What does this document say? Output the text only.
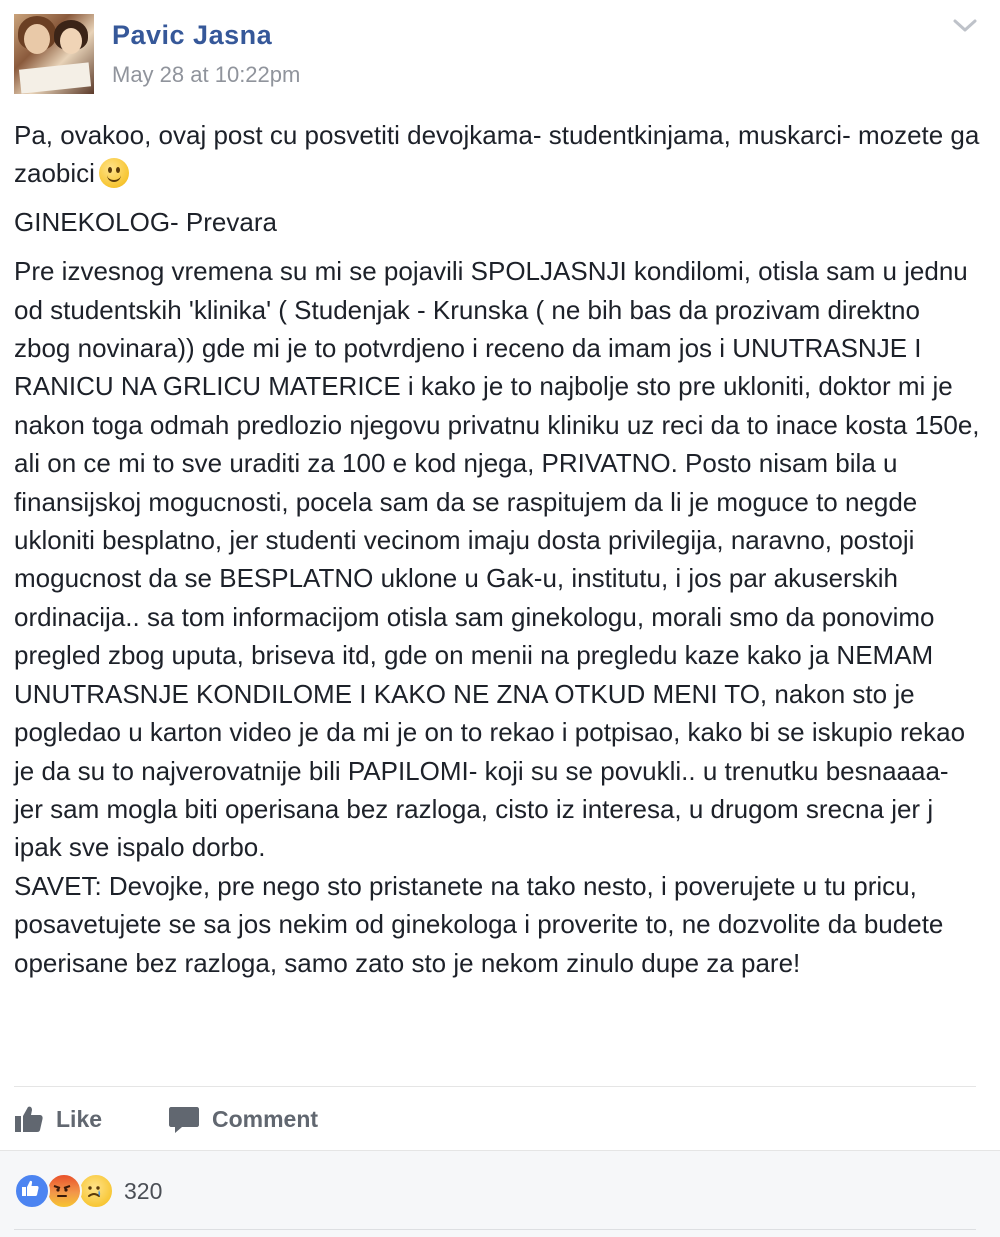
Pavic Jasna
May 28 at 10:22pm

Pa, ovakoo, ovaj post cu posvetiti devojkama- studentkinjama, muskarci- mozete ga zaobici

GINEKOLOG- Prevara

Pre izvesnog vremena su mi se pojavili SPOLJASNJI kondilomi, otisla sam u jednu od studentskih 'klinika' ( Studenjak - Krunska ( ne bih bas da prozivam direktno zbog novinara)) gde mi je to potvrdjeno i receno da imam jos i UNUTRASNJE I RANICU NA GRLICU MATERICE i kako je to najbolje sto pre ukloniti, doktor mi je nakon toga odmah predlozio njegovu privatnu kliniku uz reci da to inace kosta 150e, ali on ce mi to sve uraditi za 100 e kod njega, PRIVATNO. Posto nisam bila u finansijskoj mogucnosti, pocela sam da se raspitujem da li je moguce to negde ukloniti besplatno, jer studenti vecinom imaju dosta privilegija, naravno, postoji mogucnost da se BESPLATNO uklone u Gak-u, institutu, i jos par akuserskih ordinacija.. sa tom informacijom otisla sam ginekologu, morali smo da ponovimo pregled zbog uputa, briseva itd, gde on menii na pregledu kaze kako ja NEMAM UNUTRASNJE KONDILOME I KAKO NE ZNA OTKUD MENI TO, nakon sto je pogledao u karton video je da mi je on to rekao i potpisao, kako bi se iskupio rekao je da su to najverovatnije bili PAPILOMI- koji su se povukli.. u trenutku besnaaaa- jer sam mogla biti operisana bez razloga, cisto iz interesa, u drugom srecna jer j ipak sve ispalo dorbo.
SAVET: Devojke, pre nego sto pristanete na tako nesto, i poverujete u tu pricu, posavetujete se sa jos nekim od ginekologa i proverite to, ne dozvolite da budete operisane bez razloga, samo zato sto je nekom zinulo dupe za pare!

Like	Comment
320
